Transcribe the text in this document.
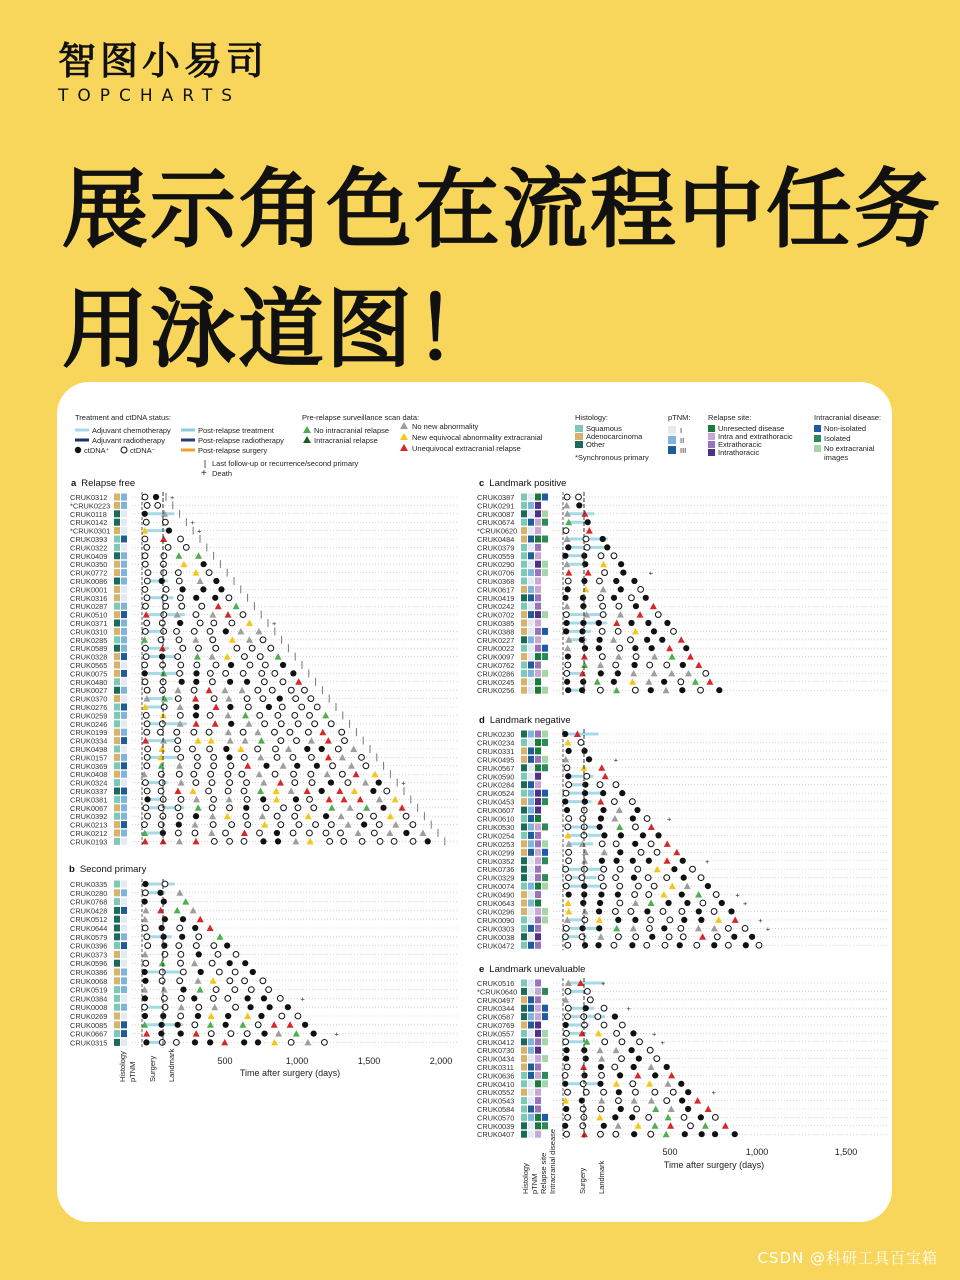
智图小易司
TOPCHARTS
展示角色在流程中任务
用泳道图！
Treatment and ctDNA status:
Adjuvant chemotherapy
Adjuvant radiotherapy
ctDNA⁺	ctDNA⁻
Post-relapse treatment
Post-relapse radiotherapy
Post-relapse surgery
Last follow-up or recurrence/second primary
+ Death
Pre-relapse surveillance scan data:
No intracranial relapse
Intracranial relapse
No new abnormality
New equivocal abnormality extracranial
Unequivocal extracranial relapse
Histology:
Squamous
Adenocarcinoma
Other
*Synchronous primary
pTNM:
I
II
III
Relapse site:
Unresected disease
Intra and extrathoracic
Extrathoracic
Intrathoracic
Intracranial disease:
Non-isolated
Isolated
No extracranial
images
a Relapse free
b Second primary
c Landmark positive
d Landmark negative
e Landmark unevaluable
500	1,000	1,500	2,000
Time after surgery (days)
Histology pTNM Surgery Landmark
500	1,000	1,500
Time after surgery (days)
Histology pTNM Relapse site Intracranial disease	Surgery Landmark
CRUK0312	+
*CRUK0223
CRUK0118
CRUK0142	+
*CRUK0301	+
CRUK0393
CRUK0322
CRUK0409
CRUK0350
CRUK0772
CRUK0086
CRUK0001
CRUK0316
CRUK0287
CRUK0510
CRUK0371	+
CRUK0310
CRUK0285
CRUK0589
CRUK0328
CRUK0565
CRUK0075
CRUK0480
CRUK0027
CRUK0370
CRUK0276
CRUK0259
CRUK0246
CRUK0199
CRUK0334
CRUK0498
CRUK0157
CRUK0369
CRUK0408
CRUK0324	+
CRUK0337
CRUK0381
CRUK0067
CRUK0392
CRUK0213
CRUK0212
CRUK0193
CRUK0335
CRUK0280
CRUK0768
CRUK0428
CRUK0512
CRUK0644
CRUK0579
CRUK0396
CRUK0373
CRUK0596
CRUK0386
CRUK0068
CRUK0519
CRUK0384	+
CRUK0008
CRUK0269
CRUK0085
CRUK0667	+
CRUK0315
CRUK0387
CRUK0291
CRUK0087
CRUK0674
*CRUK0620
CRUK0484
CRUK0379
CRUK0559
CRUK0290
CRUK0706	+
CRUK0368
CRUK0617
CRUK0419
CRUK0242
CRUK0702
CRUK0385
CRUK0388
CRUK0227
CRUK0022
CRUK0097
CRUK0762
CRUK0286
CRUK0245
CRUK0256
CRUK0230
CRUK0234
CRUK0331
CRUK0495	+
CRUK0567
CRUK0590
CRUK0284
CRUK0524
CRUK0453
CRUK0607
CRUK0610	+
CRUK0530
CRUK0254
CRUK0253
CRUK0299
CRUK0352	+
CRUK0736
CRUK0329
CRUK0074
CRUK0490	+
CRUK0643	+
CRUK0296
CRUK0090	+
CRUK0303	+
CRUK0038
CRUK0472
CRUK0516	+
*CRUK0640
CRUK0497
CRUK0344	+
CRUK0587
CRUK0769
CRUK0557	+
CRUK0412	+
CRUK0730
CRUK0434
CRUK0311
CRUK0636
CRUK0410
CRUK0552	+
CRUK0543
CRUK0584
CRUK0570
CRUK0039
CRUK0407
CSDN @科研工具百宝箱
